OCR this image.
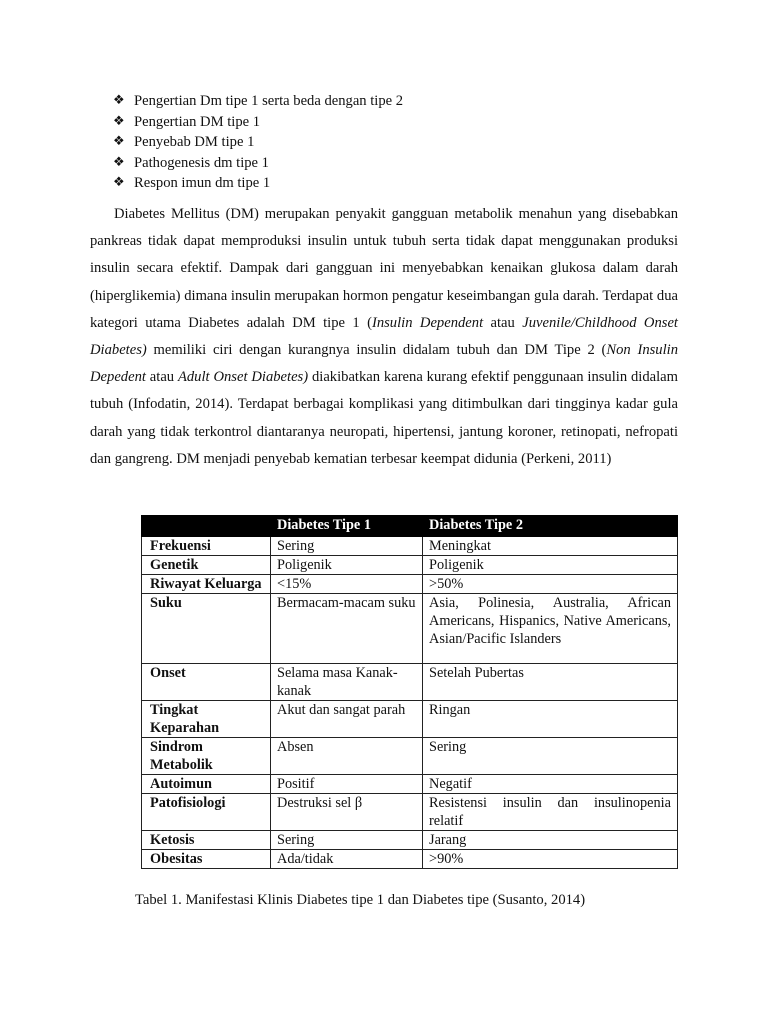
❖ Pengertian Dm tipe 1 serta beda dengan tipe 2
❖ Pengertian DM tipe 1
❖ Penyebab DM tipe 1
❖ Pathogenesis dm tipe 1
❖ Respon imun dm tipe 1

Diabetes Mellitus (DM) merupakan penyakit gangguan metabolik menahun yang disebabkan pankreas tidak dapat memproduksi insulin untuk tubuh serta tidak dapat menggunakan produksi insulin secara efektif. Dampak dari gangguan ini menyebabkan kenaikan glukosa dalam darah (hiperglikemia) dimana insulin merupakan hormon pengatur keseimbangan gula darah. Terdapat dua kategori utama Diabetes adalah DM tipe 1 (Insulin Dependent atau Juvenile/Childhood Onset Diabetes) memiliki ciri dengan kurangnya insulin didalam tubuh dan DM Tipe 2 (Non Insulin Depedent atau Adult Onset Diabetes) diakibatkan karena kurang efektif penggunaan insulin didalam tubuh (Infodatin, 2014). Terdapat berbagai komplikasi yang ditimbulkan dari tingginya kadar gula darah yang tidak terkontrol diantaranya neuropati, hipertensi, jantung koroner, retinopati, nefropati dan gangreng. DM menjadi penyebab kematian terbesar keempat didunia (Perkeni, 2011)

	Diabetes Tipe 1	Diabetes Tipe 2
Frekuensi	Sering	Meningkat
Genetik	Poligenik	Poligenik
Riwayat Keluarga	<15%	>50%
Suku	Bermacam-macam suku	Asia, Polinesia, Australia, African Americans, Hispanics, Native Americans, Asian/Pacific Islanders
Onset	Selama masa Kanak-kanak	Setelah Pubertas
Tingkat Keparahan	Akut dan sangat parah	Ringan
Sindrom Metabolik	Absen	Sering
Autoimun	Positif	Negatif
Patofisiologi	Destruksi sel β	Resistensi insulin dan insulinopenia relatif
Ketosis	Sering	Jarang
Obesitas	Ada/tidak	>90%

Tabel 1. Manifestasi Klinis Diabetes tipe 1 dan Diabetes tipe (Susanto, 2014)
